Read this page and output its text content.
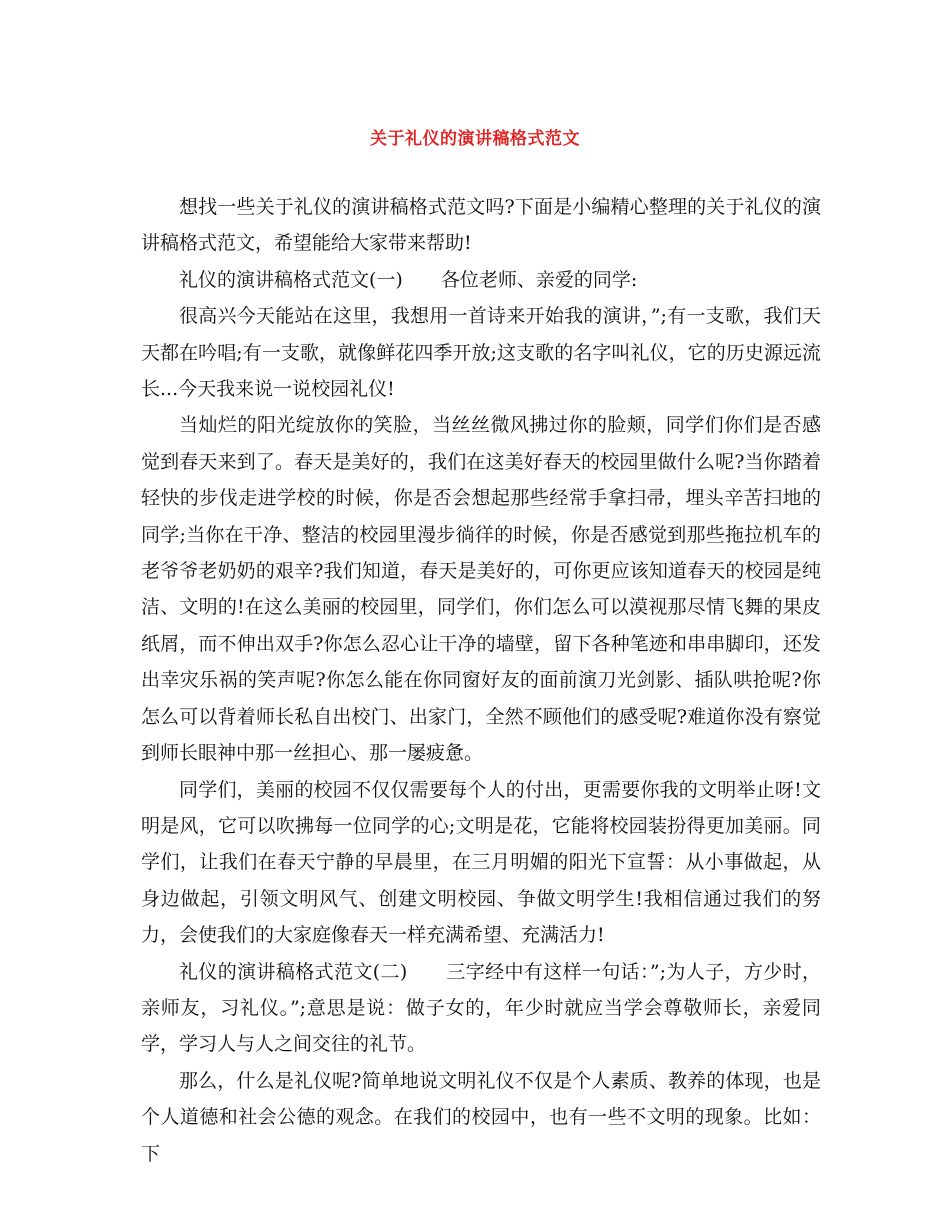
关于礼仪的演讲稿格式范文

想找一些关于礼仪的演讲稿格式范文吗?下面是小编精心整理的关于礼仪的演讲稿格式范文，希望能给大家带来帮助!

礼仪的演讲稿格式范文(一)　　各位老师、亲爱的同学:

很高兴今天能站在这里，我想用一首诗来开始我的演讲，”;有一支歌，我们天天都在吟唱;有一支歌，就像鲜花四季开放;这支歌的名字叫礼仪，它的历史源远流长...今天我来说一说校园礼仪!

当灿烂的阳光绽放你的笑脸，当丝丝微风拂过你的脸颊，同学们你们是否感觉到春天来到了。春天是美好的，我们在这美好春天的校园里做什么呢?当你踏着轻快的步伐走进学校的时候，你是否会想起那些经常手拿扫帚，埋头辛苦扫地的同学;当你在干净、整洁的校园里漫步徜徉的时候，你是否感觉到那些拖拉机车的老爷爷老奶奶的艰辛?我们知道，春天是美好的，可你更应该知道春天的校园是纯洁、文明的!在这么美丽的校园里，同学们，你们怎么可以漠视那尽情飞舞的果皮纸屑，而不伸出双手?你怎么忍心让干净的墙壁，留下各种笔迹和串串脚印，还发出幸灾乐祸的笑声呢?你怎么能在你同窗好友的面前演刀光剑影、插队哄抢呢?你怎么可以背着师长私自出校门、出家门，全然不顾他们的感受呢?难道你没有察觉到师长眼神中那一丝担心、那一屡疲惫。

同学们，美丽的校园不仅仅需要每个人的付出，更需要你我的文明举止呀!文明是风，它可以吹拂每一位同学的心;文明是花，它能将校园装扮得更加美丽。同学们，让我们在春天宁静的早晨里，在三月明媚的阳光下宣誓：从小事做起，从身边做起，引领文明风气、创建文明校园、争做文明学生!我相信通过我们的努力，会使我们的大家庭像春天一样充满希望、充满活力!

礼仪的演讲稿格式范文(二)　　三字经中有这样一句话：”;为人子，方少时，亲师友，习礼仪。”;意思是说：做子女的，年少时就应当学会尊敬师长，亲爱同学，学习人与人之间交往的礼节。

那么，什么是礼仪呢?简单地说文明礼仪不仅是个人素质、教养的体现，也是个人道德和社会公德的观念。在我们的校园中，也有一些不文明的现象。比如：下
